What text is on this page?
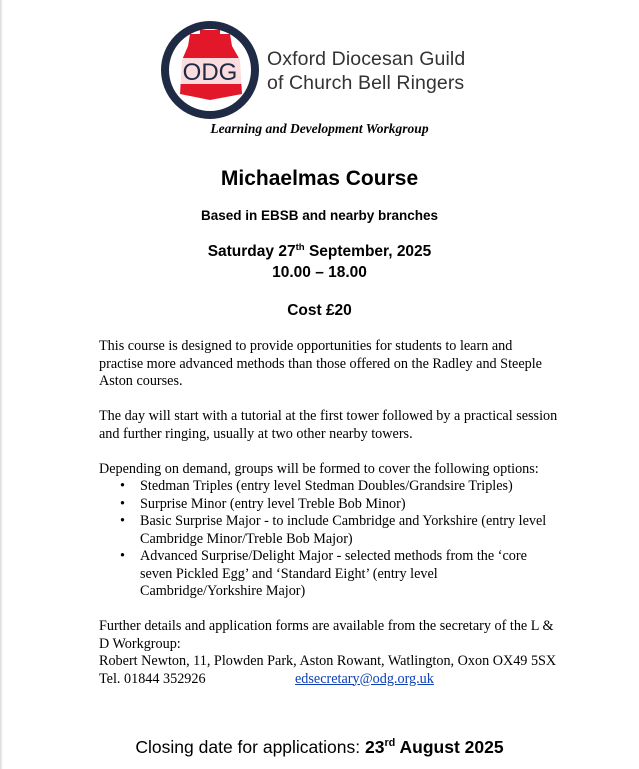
ODG Oxford Diocesan Guild
of Church Bell Ringers
Learning and Development Workgroup
Michaelmas Course
Based in EBSB and nearby branches
Saturday 27th September, 2025
10.00 – 18.00
Cost £20

This course is designed to provide opportunities for students to learn and practise more advanced methods than those offered on the Radley and Steeple Aston courses.

The day will start with a tutorial at the first tower followed by a practical session and further ringing, usually at two other nearby towers.

Depending on demand, groups will be formed to cover the following options:

•	Stedman Triples (entry level Stedman Doubles/Grandsire Triples)
•	Surprise Minor (entry level Treble Bob Minor)
•	Basic Surprise Major - to include Cambridge and Yorkshire (entry level Cambridge Minor/Treble Bob Major)
•	Advanced Surprise/Delight Major - selected methods from the ‘core seven Pickled Egg’ and ‘Standard Eight’ (entry level Cambridge/Yorkshire Major)

Further details and application forms are available from the secretary of the L & D Workgroup:

Robert Newton, 11, Plowden Park, Aston Rowant, Watlington, Oxon OX49 5SX

Tel. 01844 352926	edsecretary@odg.org.uk
Closing date for applications: 23rd August 2025
